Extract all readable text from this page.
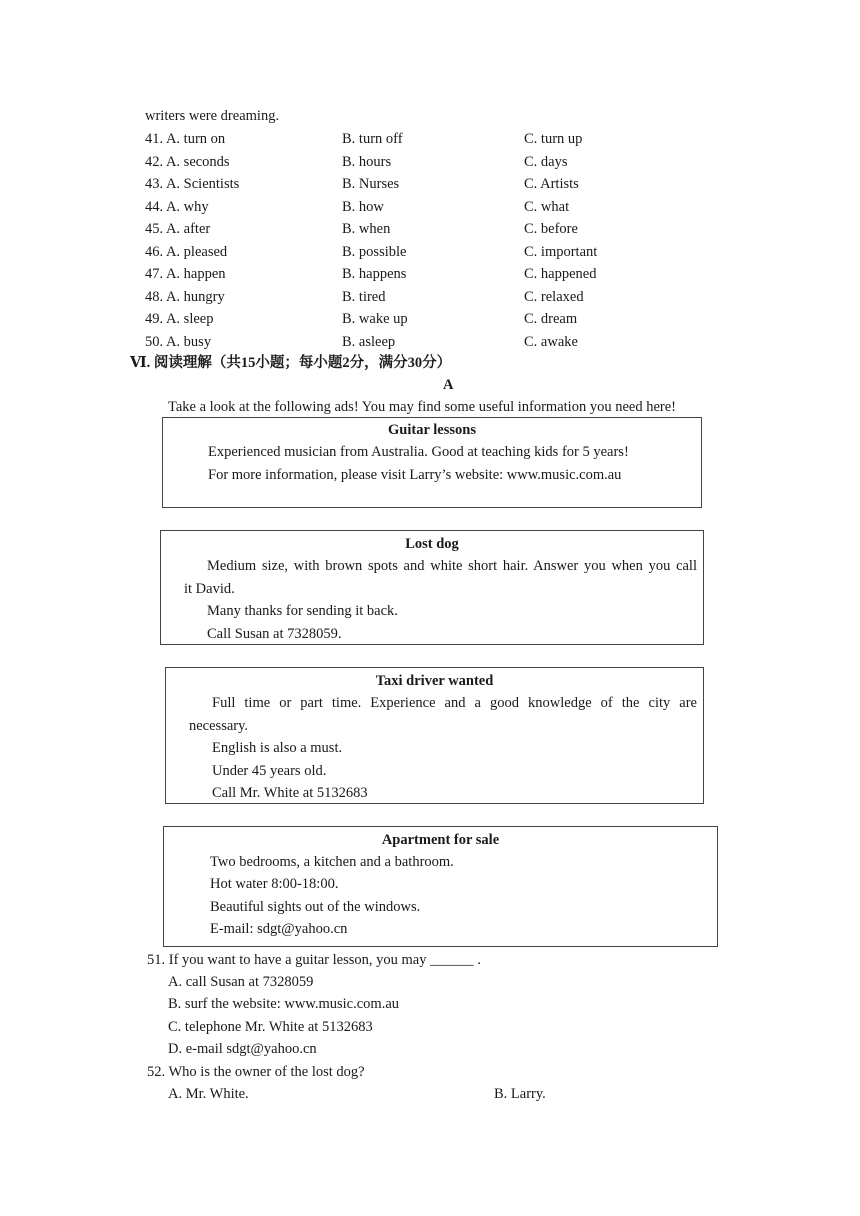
writers were dreaming.
41. A. turn on	B. turn off	C. turn up
42. A. seconds	B. hours	C. days
43. A. Scientists	B. Nurses	C. Artists
44. A. why	B. how	C. what
45. A. after	B. when	C. before
46. A. pleased	B. possible	C. important
47. A. happen	B. happens	C. happened
48. A. hungry	B. tired	C. relaxed
49. A. sleep	B. wake up	C. dream
50. A. busy	B. asleep	C. awake
Ⅵ. 阅读理解（共15小题；每小题2分，满分30分）
A
Take a look at the following ads! You may find some useful information you need here!
Guitar lessons
Experienced musician from Australia. Good at teaching kids for 5 years!
For more information, please visit Larry’s website: www.music.com.au
Lost dog
Medium size, with brown spots and white short hair. Answer you when you call
it David.
Many thanks for sending it back.
Call Susan at 7328059.
Taxi driver wanted
Full time or part time. Experience and a good knowledge of the city are
necessary.
English is also a must.
Under 45 years old.
Call Mr. White at 5132683
Apartment for sale
Two bedrooms, a kitchen and a bathroom.
Hot water 8:00-18:00.
Beautiful sights out of the windows.
E-mail: sdgt@yahoo.cn
51. If you want to have a guitar lesson, you may ______ .
A. call Susan at 7328059
B. surf the website: www.music.com.au
C. telephone Mr. White at 5132683
D. e-mail sdgt@yahoo.cn
52. Who is the owner of the lost dog?
A. Mr. White.	B. Larry.
